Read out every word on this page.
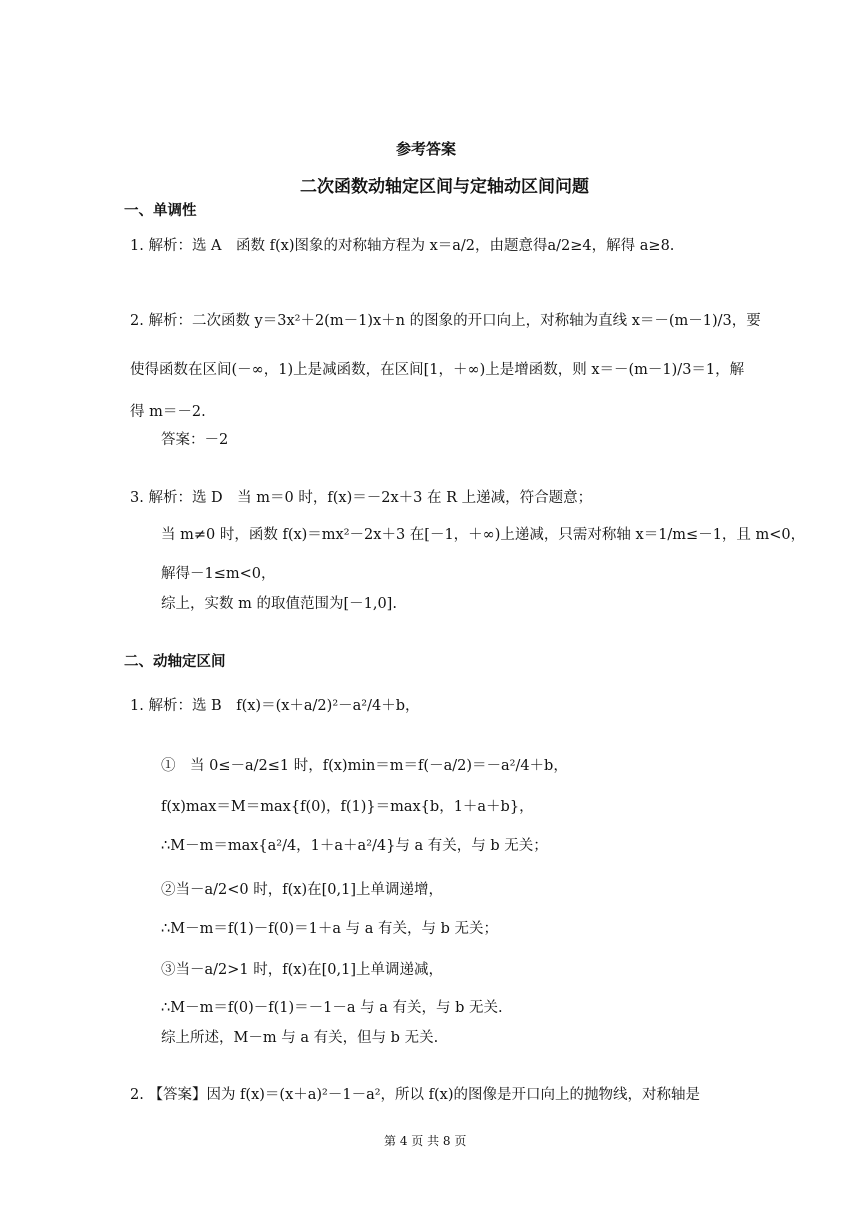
参考答案
二次函数动轴定区间与定轴动区间问题
一、单调性
1. 解析：选 A　函数 f(x)图象的对称轴方程为 x＝a/2，由题意得a/2≥4，解得 a≥8.
2. 解析：二次函数 y＝3x²＋2(m－1)x＋n 的图象的开口向上，对称轴为直线 x＝－(m－1)/3，要
使得函数在区间(－∞，1)上是减函数，在区间[1，＋∞)上是增函数，则 x＝－(m－1)/3＝1，解
得 m＝－2.
答案：－2
3. 解析：选 D　当 m＝0 时，f(x)＝－2x＋3 在 R 上递减，符合题意；
当 m≠0 时，函数 f(x)＝mx²－2x＋3 在[－1，＋∞)上递减，只需对称轴 x＝1/m≤－1，且 m<0，
解得－1≤m<0，
综上，实数 m 的取值范围为[－1,0].
二、动轴定区间
1. 解析：选 B　f(x)＝(x＋a/2)²－a²/4＋b，
①　当 0≤－a/2≤1 时，f(x)min＝m＝f(－a/2)＝－a²/4＋b，
f(x)max＝M＝max{f(0)，f(1)}＝max{b，1＋a＋b}，
∴M－m＝max{a²/4，1＋a＋a²/4}与 a 有关，与 b 无关；
②当－a/2<0 时，f(x)在[0,1]上单调递增，
∴M－m＝f(1)－f(0)＝1＋a 与 a 有关，与 b 无关；
③当－a/2>1 时，f(x)在[0,1]上单调递减，
∴M－m＝f(0)－f(1)＝－1－a 与 a 有关，与 b 无关.
综上所述，M－m 与 a 有关，但与 b 无关.
2. 【答案】因为 f(x)＝(x＋a)²－1－a²，所以 f(x)的图像是开口向上的抛物线，对称轴是
第 4 页 共 8 页
